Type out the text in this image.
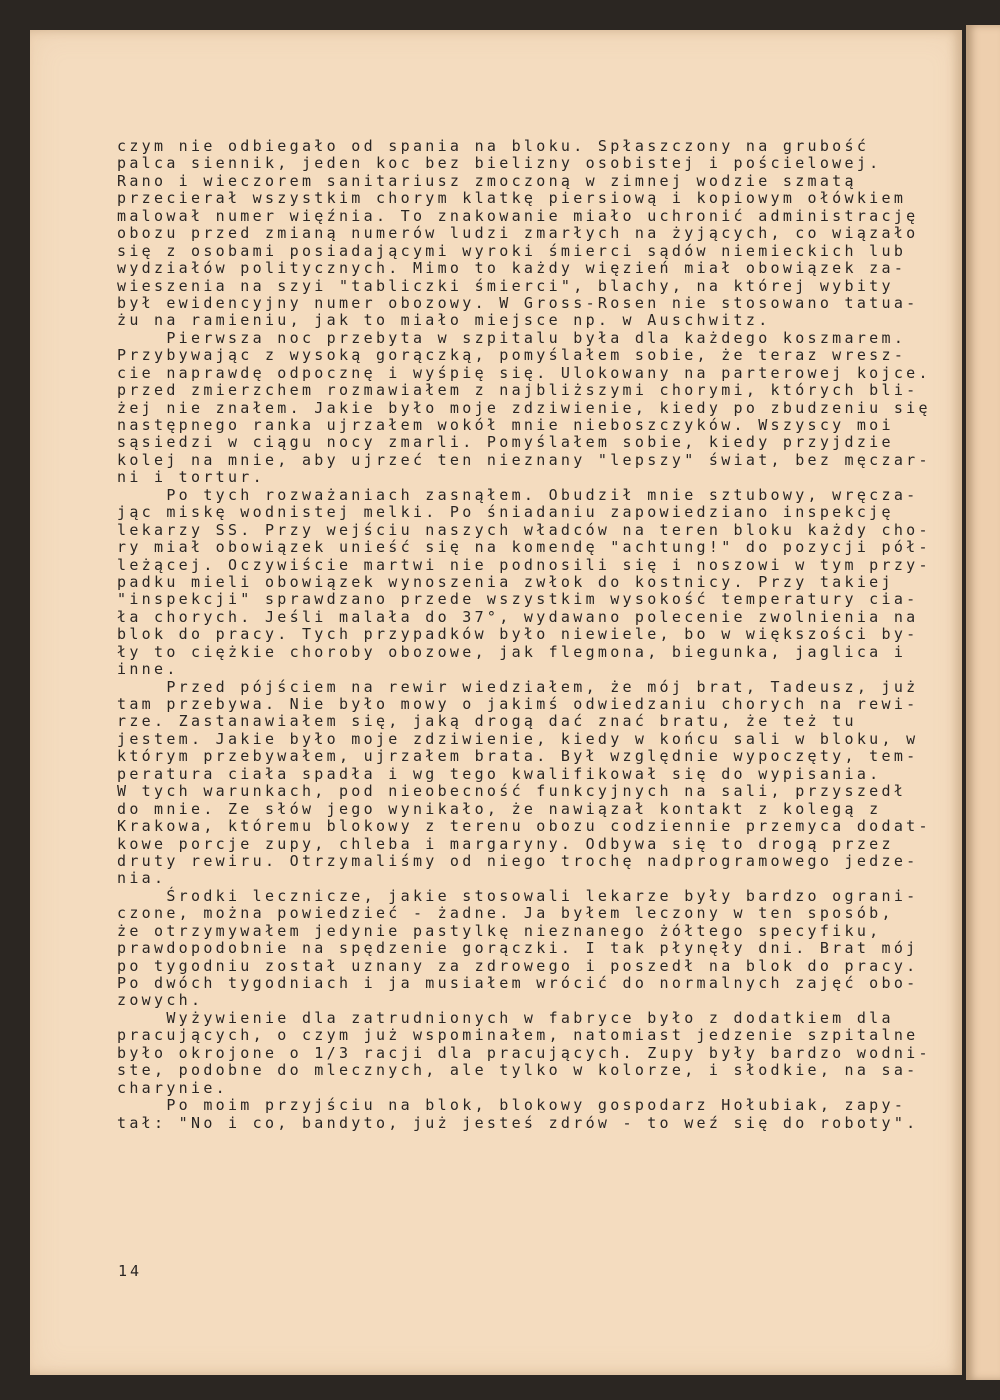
czym nie odbiegało od spania na bloku. Spłaszczony na grubość
palca siennik, jeden koc bez bielizny osobistej i pościelowej.
Rano i wieczorem sanitariusz zmoczoną w zimnej wodzie szmatą
przecierał wszystkim chorym klatkę piersiową i kopiowym ołówkiem
malował numer więźnia. To znakowanie miało uchronić administrację
obozu przed zmianą numerów ludzi zmarłych na żyjących, co wiązało
się z osobami posiadającymi wyroki śmierci sądów niemieckich lub
wydziałów politycznych. Mimo to każdy więzień miał obowiązek za-
wieszenia na szyi "tabliczki śmierci", blachy, na której wybity
był ewidencyjny numer obozowy. W Gross-Rosen nie stosowano tatua-
żu na ramieniu, jak to miało miejsce np. w Auschwitz.
Pierwsza noc przebyta w szpitalu była dla każdego koszmarem.
Przybywając z wysoką gorączką, pomyślałem sobie, że teraz wresz-
cie naprawdę odpocznę i wyśpię się. Ulokowany na parterowej kojce.
przed zmierzchem rozmawiałem z najbliższymi chorymi, których bli-
żej nie znałem. Jakie było moje zdziwienie, kiedy po zbudzeniu się
następnego ranka ujrzałem wokół mnie nieboszczyków. Wszyscy moi
sąsiedzi w ciągu nocy zmarli. Pomyślałem sobie, kiedy przyjdzie
kolej na mnie, aby ujrzeć ten nieznany "lepszy" świat, bez męczar-
ni i tortur.
Po tych rozważaniach zasnąłem. Obudził mnie sztubowy, wręcza-
jąc miskę wodnistej melki. Po śniadaniu zapowiedziano inspekcję
lekarzy SS. Przy wejściu naszych władców na teren bloku każdy cho-
ry miał obowiązek unieść się na komendę "achtung!" do pozycji pół-
leżącej. Oczywiście martwi nie podnosili się i noszowi w tym przy-
padku mieli obowiązek wynoszenia zwłok do kostnicy. Przy takiej
"inspekcji" sprawdzano przede wszystkim wysokość temperatury cia-
ła chorych. Jeśli malała do 37°, wydawano polecenie zwolnienia na
blok do pracy. Tych przypadków było niewiele, bo w większości by-
ły to ciężkie choroby obozowe, jak flegmona, biegunka, jaglica i
inne.
Przed pójściem na rewir wiedziałem, że mój brat, Tadeusz, już
tam przebywa. Nie było mowy o jakimś odwiedzaniu chorych na rewi-
rze. Zastanawiałem się, jaką drogą dać znać bratu, że też tu
jestem. Jakie było moje zdziwienie, kiedy w końcu sali w bloku, w
którym przebywałem, ujrzałem brata. Był względnie wypoczęty, tem-
peratura ciała spadła i wg tego kwalifikował się do wypisania.
W tych warunkach, pod nieobecność funkcyjnych na sali, przyszedł
do mnie. Ze słów jego wynikało, że nawiązał kontakt z kolegą z
Krakowa, któremu blokowy z terenu obozu codziennie przemyca dodat-
kowe porcje zupy, chleba i margaryny. Odbywa się to drogą przez
druty rewiru. Otrzymaliśmy od niego trochę nadprogramowego jedze-
nia.
Środki lecznicze, jakie stosowali lekarze były bardzo ograni-
czone, można powiedzieć - żadne. Ja byłem leczony w ten sposób,
że otrzymywałem jedynie pastylkę nieznanego żółtego specyfiku,
prawdopodobnie na spędzenie gorączki. I tak płynęły dni. Brat mój
po tygodniu został uznany za zdrowego i poszedł na blok do pracy.
Po dwóch tygodniach i ja musiałem wrócić do normalnych zajęć obo-
zowych.
Wyżywienie dla zatrudnionych w fabryce było z dodatkiem dla
pracujących, o czym już wspominałem, natomiast jedzenie szpitalne
było okrojone o 1/3 racji dla pracujących. Zupy były bardzo wodni-
ste, podobne do mlecznych, ale tylko w kolorze, i słodkie, na sa-
charynie.
Po moim przyjściu na blok, blokowy gospodarz Hołubiak, zapy-
tał: "No i co, bandyto, już jesteś zdrów - to weź się do roboty".
14
